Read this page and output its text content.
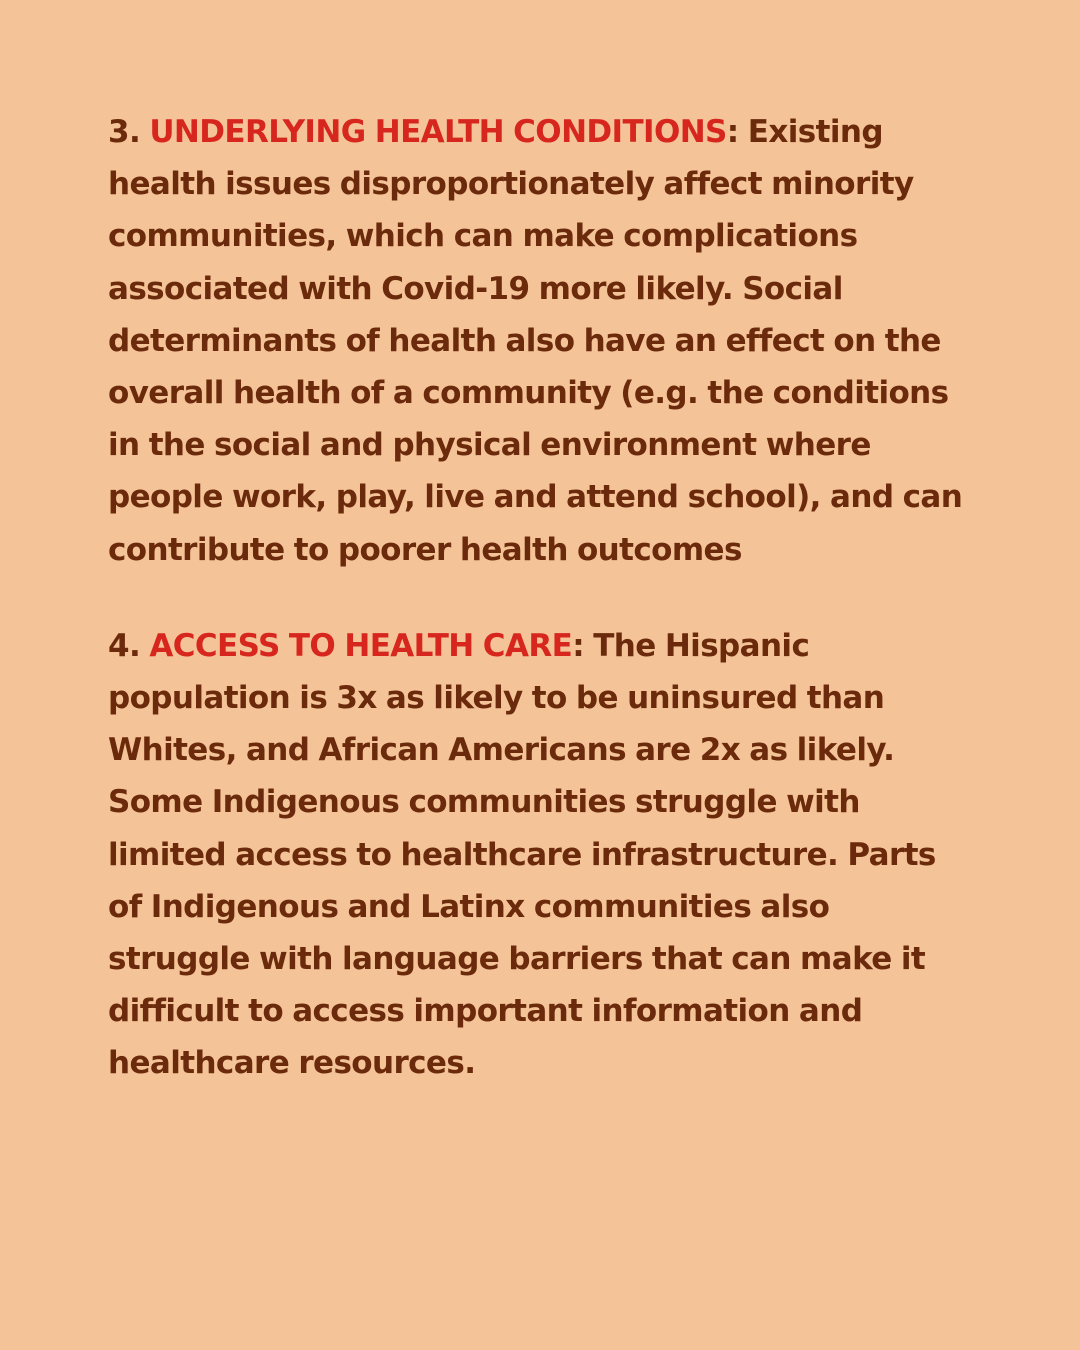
3. UNDERLYING HEALTH CONDITIONS: Existing health issues disproportionately affect minority communities, which can make complications associated with Covid-19 more likely. Social determinants of health also have an effect on the overall health of a community (e.g. the conditions in the social and physical environment where people work, play, live and attend school), and can contribute to poorer health outcomes

4. ACCESS TO HEALTH CARE: The Hispanic population is 3x as likely to be uninsured than Whites, and African Americans are 2x as likely. Some Indigenous communities struggle with limited access to healthcare infrastructure. Parts of Indigenous and Latinx communities also struggle with language barriers that can make it difficult to access important information and healthcare resources.
